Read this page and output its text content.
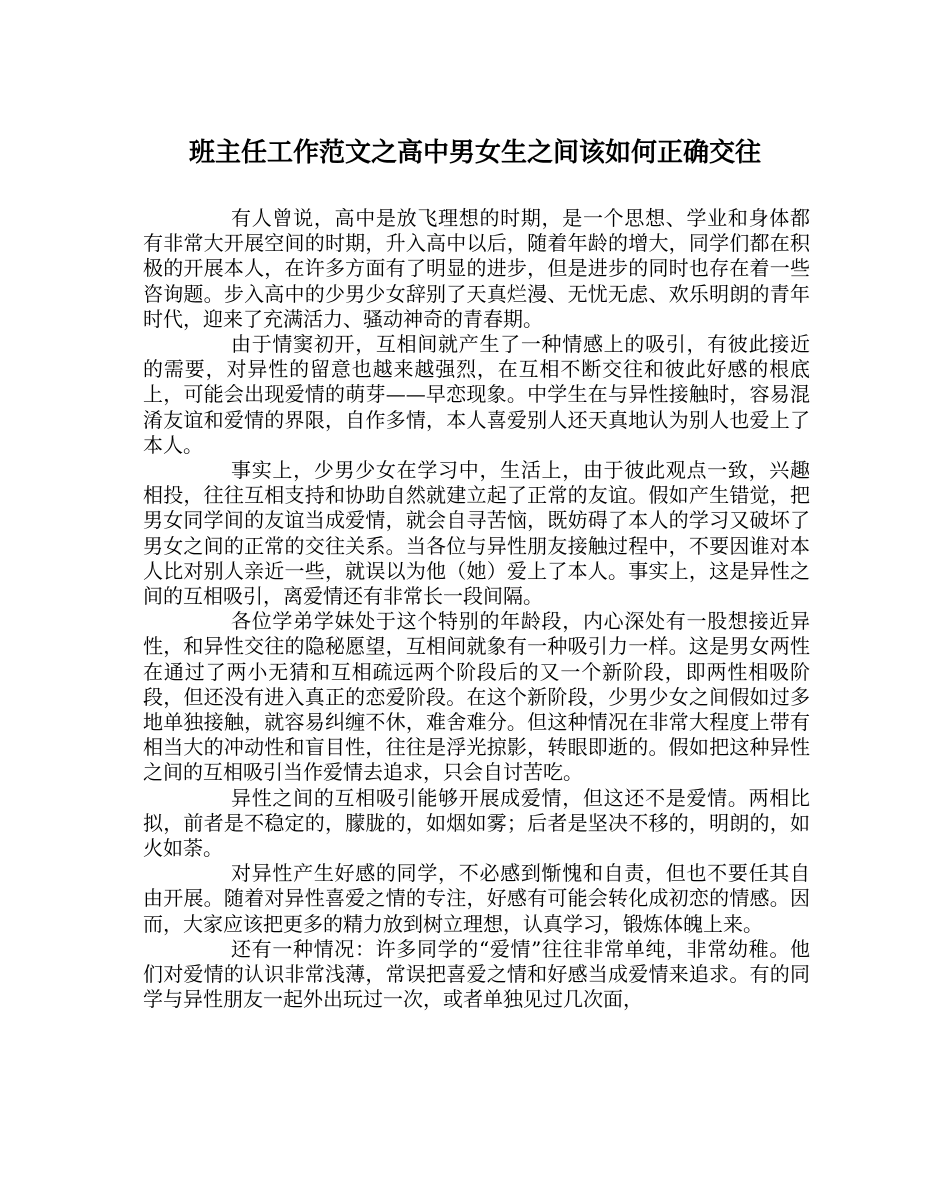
班主任工作范文之高中男女生之间该如何正确交往

有人曾说，高中是放飞理想的时期，是一个思想、学业和身体都有非常大开展空间的时期，升入高中以后，随着年龄的增大，同学们都在积极的开展本人，在许多方面有了明显的进步，但是进步的同时也存在着一些咨询题。步入高中的少男少女辞别了天真烂漫、无忧无虑、欢乐明朗的青年时代，迎来了充满活力、骚动神奇的青春期。

由于情窦初开，互相间就产生了一种情感上的吸引，有彼此接近的需要，对异性的留意也越来越强烈，在互相不断交往和彼此好感的根底上，可能会出现爱情的萌芽——早恋现象。中学生在与异性接触时，容易混淆友谊和爱情的界限，自作多情，本人喜爱别人还天真地认为别人也爱上了本人。

事实上，少男少女在学习中，生活上，由于彼此观点一致，兴趣相投，往往互相支持和协助自然就建立起了正常的友谊。假如产生错觉，把男女同学间的友谊当成爱情，就会自寻苦恼，既妨碍了本人的学习又破坏了男女之间的正常的交往关系。当各位与异性朋友接触过程中，不要因谁对本人比对别人亲近一些，就误以为他（她）爱上了本人。事实上，这是异性之间的互相吸引，离爱情还有非常长一段间隔。

各位学弟学妹处于这个特别的年龄段，内心深处有一股想接近异性，和异性交往的隐秘愿望，互相间就象有一种吸引力一样。这是男女两性在通过了两小无猜和互相疏远两个阶段后的又一个新阶段，即两性相吸阶段，但还没有进入真正的恋爱阶段。在这个新阶段，少男少女之间假如过多地单独接触，就容易纠缠不休，难舍难分。但这种情况在非常大程度上带有相当大的冲动性和盲目性，往往是浮光掠影，转眼即逝的。假如把这种异性之间的互相吸引当作爱情去追求，只会自讨苦吃。

异性之间的互相吸引能够开展成爱情，但这还不是爱情。两相比拟，前者是不稳定的，朦胧的，如烟如雾；后者是坚决不移的，明朗的，如火如荼。

对异性产生好感的同学，不必感到惭愧和自责，但也不要任其自由开展。随着对异性喜爱之情的专注，好感有可能会转化成初恋的情感。因而，大家应该把更多的精力放到树立理想，认真学习，锻炼体魄上来。

还有一种情况：许多同学的“爱情”往往非常单纯，非常幼稚。他们对爱情的认识非常浅薄，常误把喜爱之情和好感当成爱情来追求。有的同学与异性朋友一起外出玩过一次，或者单独见过几次面，
